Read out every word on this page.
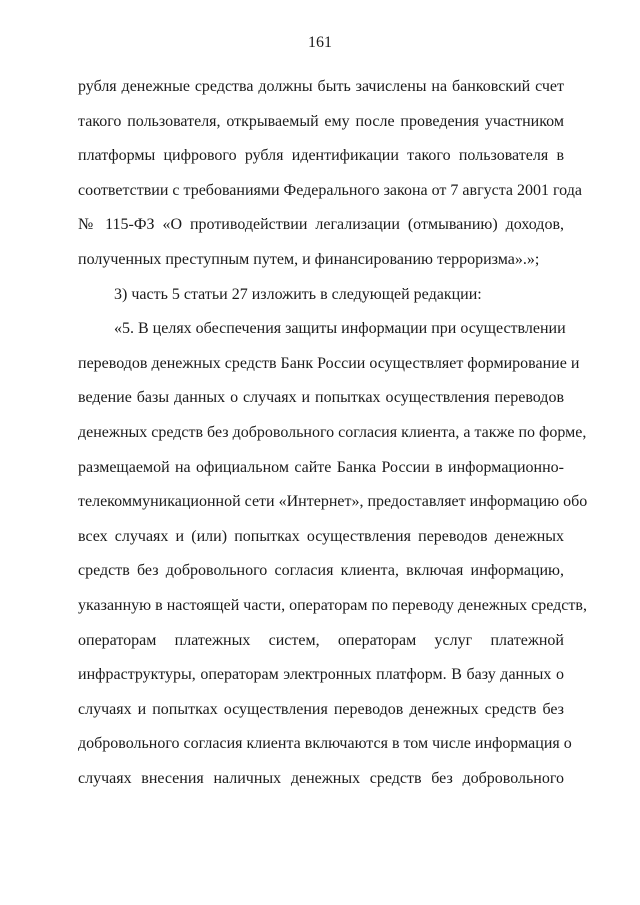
161
рубля денежные средства должны быть зачислены на банковский счет
такого пользователя, открываемый ему после проведения участником
платформы цифрового рубля идентификации такого пользователя в
соответствии с требованиями Федерального закона от 7 августа 2001 года
№ 115-ФЗ «О противодействии легализации (отмыванию) доходов,
полученных преступным путем, и финансированию терроризма».»;
3) часть 5 статьи 27 изложить в следующей редакции:
«5. В целях обеспечения защиты информации при осуществлении
переводов денежных средств Банк России осуществляет формирование и
ведение базы данных о случаях и попытках осуществления переводов
денежных средств без добровольного согласия клиента, а также по форме,
размещаемой на официальном сайте Банка России в информационно-
телекоммуникационной сети «Интернет», предоставляет информацию обо
всех случаях и (или) попытках осуществления переводов денежных
средств без добровольного согласия клиента, включая информацию,
указанную в настоящей части, операторам по переводу денежных средств,
операторам платежных систем, операторам услуг платежной
инфраструктуры, операторам электронных платформ. В базу данных о
случаях и попытках осуществления переводов денежных средств без
добровольного согласия клиента включаются в том числе информация о
случаях внесения наличных денежных средств без добровольного
